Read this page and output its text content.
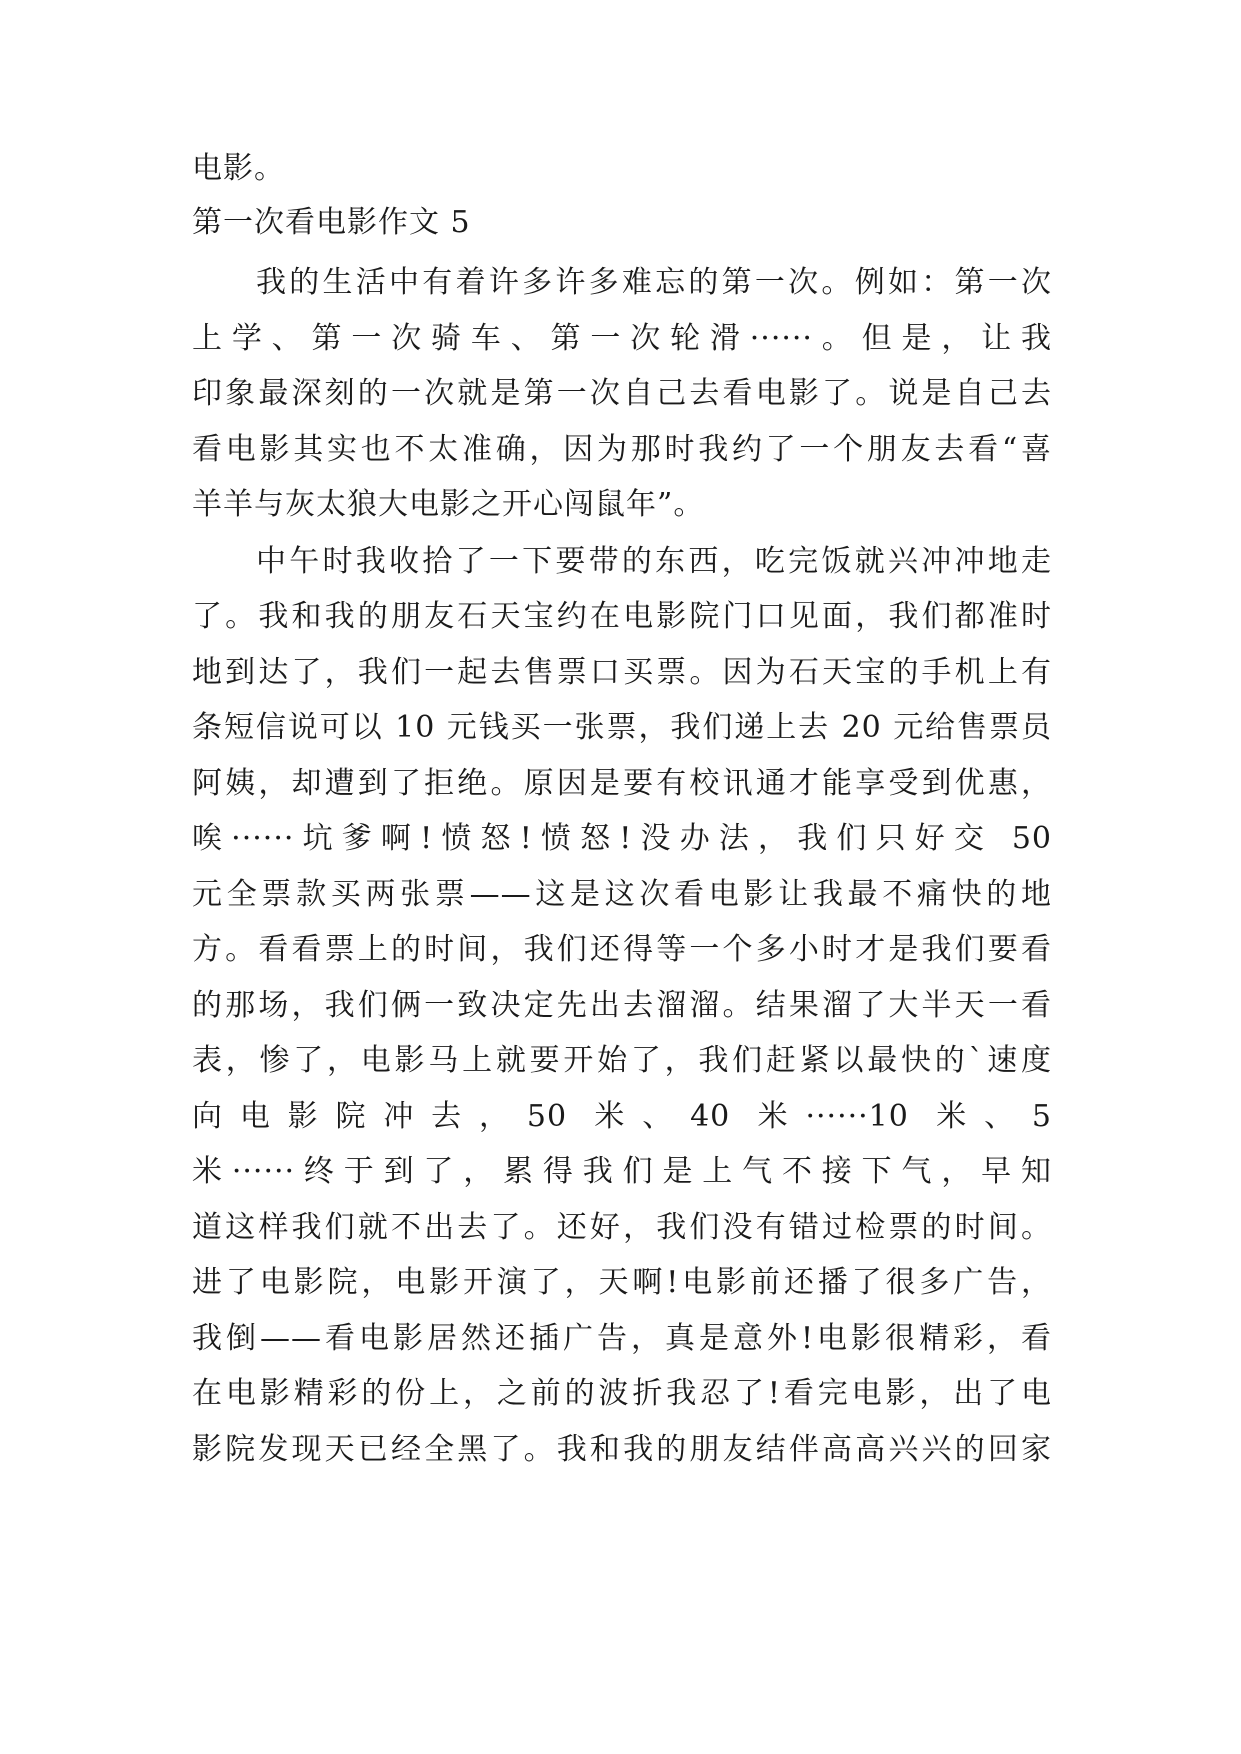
电影。
第一次看电影作文 5
我的生活中有着许多许多难忘的第一次。例如：第一次
上学、第一次骑车、第一次轮滑······。但是，让我
印象最深刻的一次就是第一次自己去看电影了。说是自己去
看电影其实也不太准确，因为那时我约了一个朋友去看“喜
羊羊与灰太狼大电影之开心闯鼠年”。
中午时我收拾了一下要带的东西，吃完饭就兴冲冲地走
了。我和我的朋友石天宝约在电影院门口见面，我们都准时
地到达了，我们一起去售票口买票。因为石天宝的手机上有
条短信说可以 10 元钱买一张票，我们递上去 20 元给售票员
阿姨，却遭到了拒绝。原因是要有校讯通才能享受到优惠，
唉······坑爹啊!愤怒!愤怒!没办法，我们只好交 50
元全票款买两张票——这是这次看电影让我最不痛快的地
方。看看票上的时间，我们还得等一个多小时才是我们要看
的那场，我们俩一致决定先出去溜溜。结果溜了大半天一看
表，惨了，电影马上就要开始了，我们赶紧以最快的`速度
向电影院冲去，50 米、40 米······10 米、5
米······终于到了，累得我们是上气不接下气，早知
道这样我们就不出去了。还好，我们没有错过检票的时间。
进了电影院，电影开演了，天啊!电影前还播了很多广告，
我倒——看电影居然还插广告，真是意外!电影很精彩，看
在电影精彩的份上，之前的波折我忍了!看完电影，出了电
影院发现天已经全黑了。我和我的朋友结伴高高兴兴的回家
